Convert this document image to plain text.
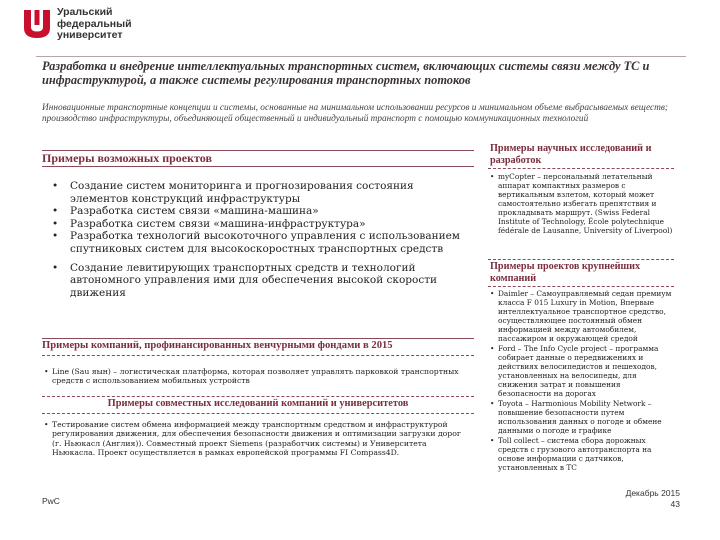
Уральский
федеральный
университет
Разработка и внедрение интеллектуальных транспортных систем, включающих системы связи между ТС и инфраструктурой, а также системы регулирования транспортных потоков
Инновационные транспортные концепции и системы, основанные на минимальном использовании ресурсов и минимальном объеме выбрасываемых веществ; производство инфраструктуры, объединяющей общественный и индивидуальный транспорт с помощью коммуникационных технологий
Примеры возможных проектов
• Создание систем мониторинга и прогнозирования состояния элементов конструкций инфраструктуры
• Разработка систем связи «машина-машина»
• Разработка систем связи «машина-инфраструктура»
• Разработка технологий высокоточного управления с использованием спутниковых систем для высокоскоростных транспортных средств
• Создание левитирующих транспортных средств и технологий автономного управления ими для обеспечения высокой скорости движения
Примеры компаний, профинансированных венчурными фондами в 2015
• Line (Sau яын) – логистическая платформа, которая позволяет управлять парковкой транспортных средств с использованием мобильных устройств
Примеры совместных исследований компаний и университетов
• Тестирование систем обмена информацией между транспортным средством и инфраструктурой регулирования движения, для обеспечения безопасности движения и оптимизации загрузки дорог (г. Ньюкасл (Англия)). Совместный проект Siemens (разработчик системы) и Университета Ньюкасла. Проект осуществляется в рамках европейской программы FI Compass4D.
Примеры научных исследований и разработок
• myCopter – персональный летательный аппарат компактных размеров с вертикальным взлетом, который может самостоятельно избегать препятствия и прокладывать маршрут. (Swiss Federal Institute of Technology, École polytechnique fédérale de Lausanne, University of Liverpool)
Примеры проектов крупнейших компаний
• Daimler – Самоуправляемый седан премиум класса F 015 Luxury in Motion, Впервые интеллектуальное транспортное средство, осуществляющее постоянный обмен информацией между автомобилем, пассажиром и окружающей средой
• Ford – The Info Cycle project – программа собирает данные о передвижениях и действиях велосипедистов и пешеходов, установленных на велосипеды, для снижения затрат и повышения безопасности на дорогах
• Toyota – Harmonious Mobility Network – повышение безопасности путем использования данных о погоде и обмене данными о погоде и графике
• Toll collect – система сбора дорожных средств с грузового автотранспорта на основе информации с датчиков, установленных в ТС
PwC
Декабрь 2015
43
